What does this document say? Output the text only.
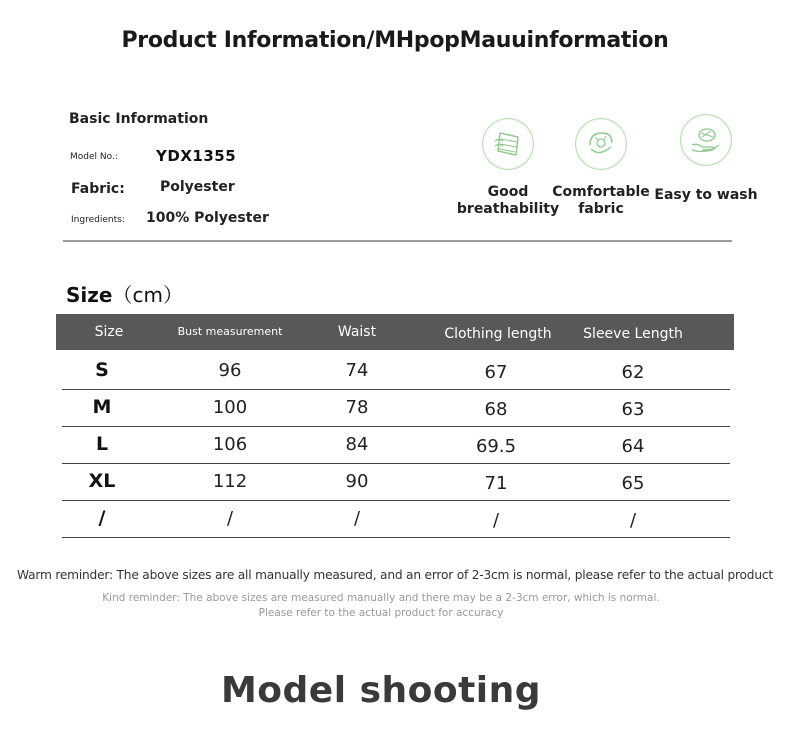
Product Information/MHpopMauuinformation
Basic Information
Model No.:	YDX1355
Fabric:	Polyester
Ingredients: 100% Polyester
Good
breathability
Comfortable
fabric
Easy to wash
Size（cm）
Size	Bust measurement	Waist	Clothing length	Sleeve Length
S	96	74	67	62
M	100	78	68	63
L	106	84	69.5	64
XL	112	90	71	65
/	/	/	/	/
Warm reminder: The above sizes are all manually measured, and an error of 2-3cm is normal, please refer to the actual product
Kind reminder: The above sizes are measured manually and there may be a 2-3cm error, which is normal.
Please refer to the actual product for accuracy
Model shooting
